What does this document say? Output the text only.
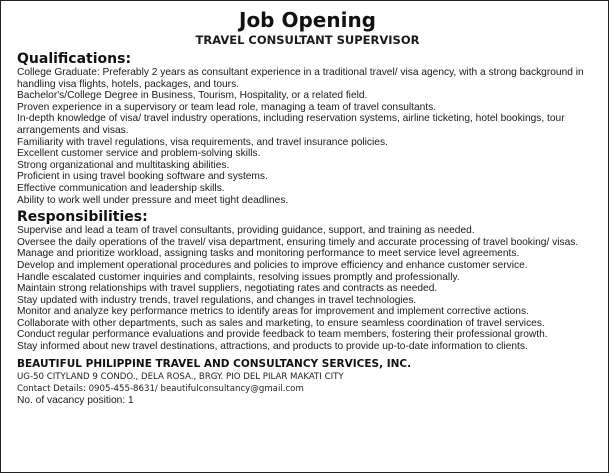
Job Opening
TRAVEL CONSULTANT SUPERVISOR
Qualifications:
College Graduate: Preferably 2 years as consultant experience in a traditional travel/ visa agency, with a strong background in handling visa flights, hotels, packages, and tours.
Bachelor's/College Degree in Business, Tourism, Hospitality, or a related field.
Proven experience in a supervisory or team lead role, managing a team of travel consultants.
In-depth knowledge of visa/ travel industry operations, including reservation systems, airline ticketing, hotel bookings, tour arrangements and visas.
Familiarity with travel regulations, visa requirements, and travel insurance policies.
Excellent customer service and problem-solving skills.
Strong organizational and multitasking abilities.
Proficient in using travel booking software and systems.
Effective communication and leadership skills.
Ability to work well under pressure and meet tight deadlines.
Responsibilities:
Supervise and lead a team of travel consultants, providing guidance, support, and training as needed.
Oversee the daily operations of the travel/ visa department, ensuring timely and accurate processing of travel booking/ visas.
Manage and prioritize workload, assigning tasks and monitoring performance to meet service level agreements.
Develop and implement operational procedures and policies to improve efficiency and enhance customer service.
Handle escalated customer inquiries and complaints, resolving issues promptly and professionally.
Maintain strong relationships with travel suppliers, negotiating rates and contracts as needed.
Stay updated with industry trends, travel regulations, and changes in travel technologies.
Monitor and analyze key performance metrics to identify areas for improvement and implement corrective actions.
Collaborate with other departments, such as sales and marketing, to ensure seamless coordination of travel services.
Conduct regular performance evaluations and provide feedback to team members, fostering their professional growth.
Stay informed about new travel destinations, attractions, and products to provide up-to-date information to clients.
BEAUTIFUL PHILIPPINE TRAVEL AND CONSULTANCY SERVICES, INC.
UG-50 CITYLAND 9 CONDO., DELA ROSA., BRGY. PIO DEL PILAR MAKATI CITY
Contact Details: 0905-455-8631/ beautifulconsultancy@gmail.com
No. of vacancy position: 1
